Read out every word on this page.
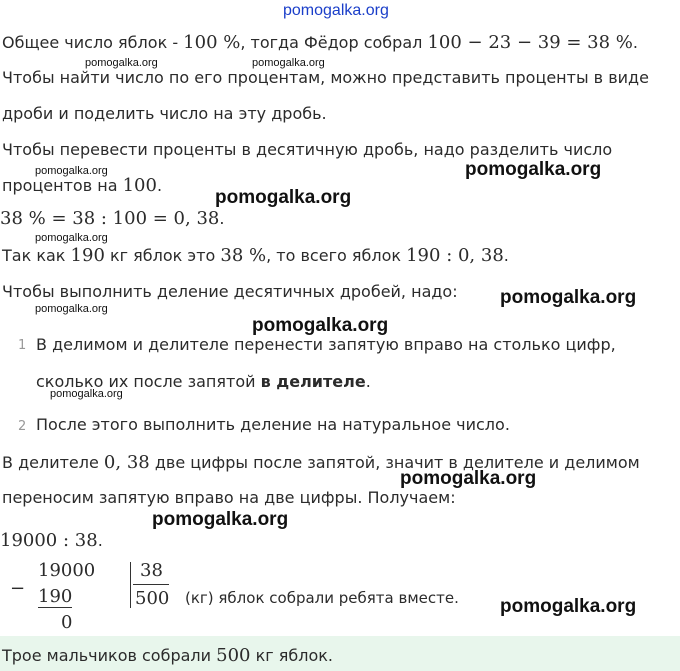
pomogalka.org
Общее число яблок - 100 %, тогда Фёдор собрал 100 − 23 − 39 = 38 %.
pomogalka.org	pomogalka.org
Чтобы найти число по его процентам, можно представить проценты в виде
дроби и поделить число на эту дробь.
Чтобы перевести проценты в десятичную дробь, надо разделить число
pomogalka.org	pomogalka.org
процентов на 100.
pomogalka.org
38 % = 38 : 100 = 0, 38.
pomogalka.org
Так как 190 кг яблок это 38 %, то всего яблок 190 : 0, 38.
Чтобы выполнить деление десятичных дробей, надо: pomogalka.org
pomogalka.org
pomogalka.org
1 В делимом и делителе перенести запятую вправо на столько цифр,
сколько их после запятой в делителе.
pomogalka.org
2 После этого выполнить деление на натуральное число.
В делителе 0, 38 две цифры после запятой, значит в делителе и делимом
pomogalka.org
переносим запятую вправо на две цифры. Получаем:
pomogalka.org
19000 : 38.
−
19000
190
0
38
500 (кг) яблок собрали ребята вместе. pomogalka.org
Трое мальчиков собрали 500 кг яблок.
